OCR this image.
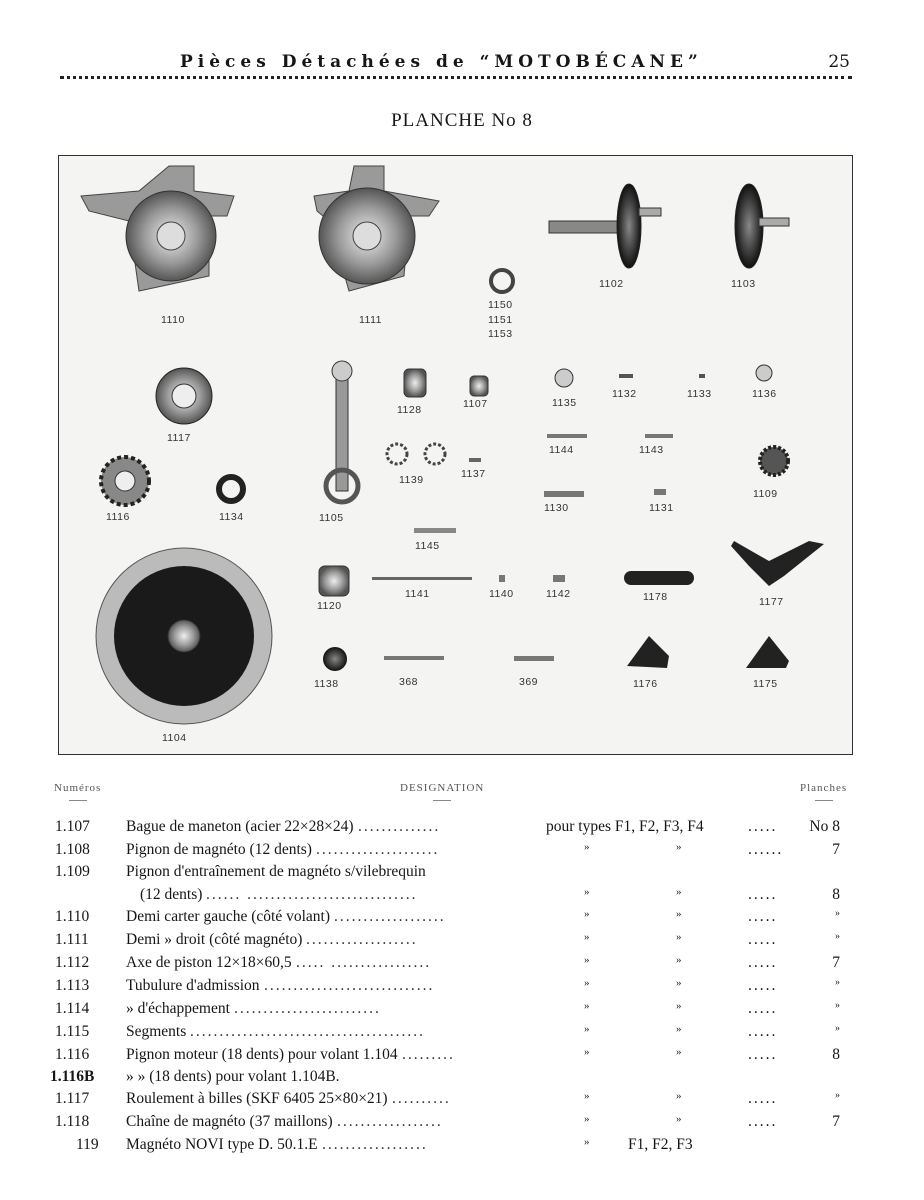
Pièces Détachées de “MOTOBÉCANE”	25
PLANCHE No 8
1110	1111
1150
1151
1153
1102	1103
1117
1128	1107	1135
1132	1133	1136
1139	1137
1144	1143
1116	1134	1105
1130	1131
1109
1145
1120
1141	1140	1142	1178	1177
1104
1138	368	369	1176	1175
Numéros	DESIGNATION	Planches
1.107	Bague de maneton (acier 22×28×24) ..............	pour types F1, F2, F3, F4	.....	No 8
1.108	Pignon de magnéto (12 dents) .....................	»	»	......	7
1.109	Pignon d'entraînement de magnéto s/vilebrequin
(12 dents) ...... .............................	»	»	.....	8
1.110	Demi carter gauche (côté volant) ...................	»	»	.....	»
1.111	Demi » droit (côté magnéto) ...................	»	»	.....	»
1.112	Axe de piston 12×18×60,5 ..... .................	»	»	.....	7
1.113	Tubulure d'admission .............................	»	»	.....	»
1.114	» d'échappement .........................	»	»	.....	»
1.115	Segments ........................................	»	»	.....	»
1.116	Pignon moteur (18 dents) pour volant 1.104 .........	»	»	.....	8
1.116B	» » (18 dents) pour volant 1.104B.
1.117	Roulement à billes (SKF 6405 25×80×21) ..........	»	»	.....	»
1.118	Chaîne de magnéto (37 maillons) ..................	»	»	.....	7
119	Magnéto NOVI type D. 50.1.E ..................	» F1, F2, F3
